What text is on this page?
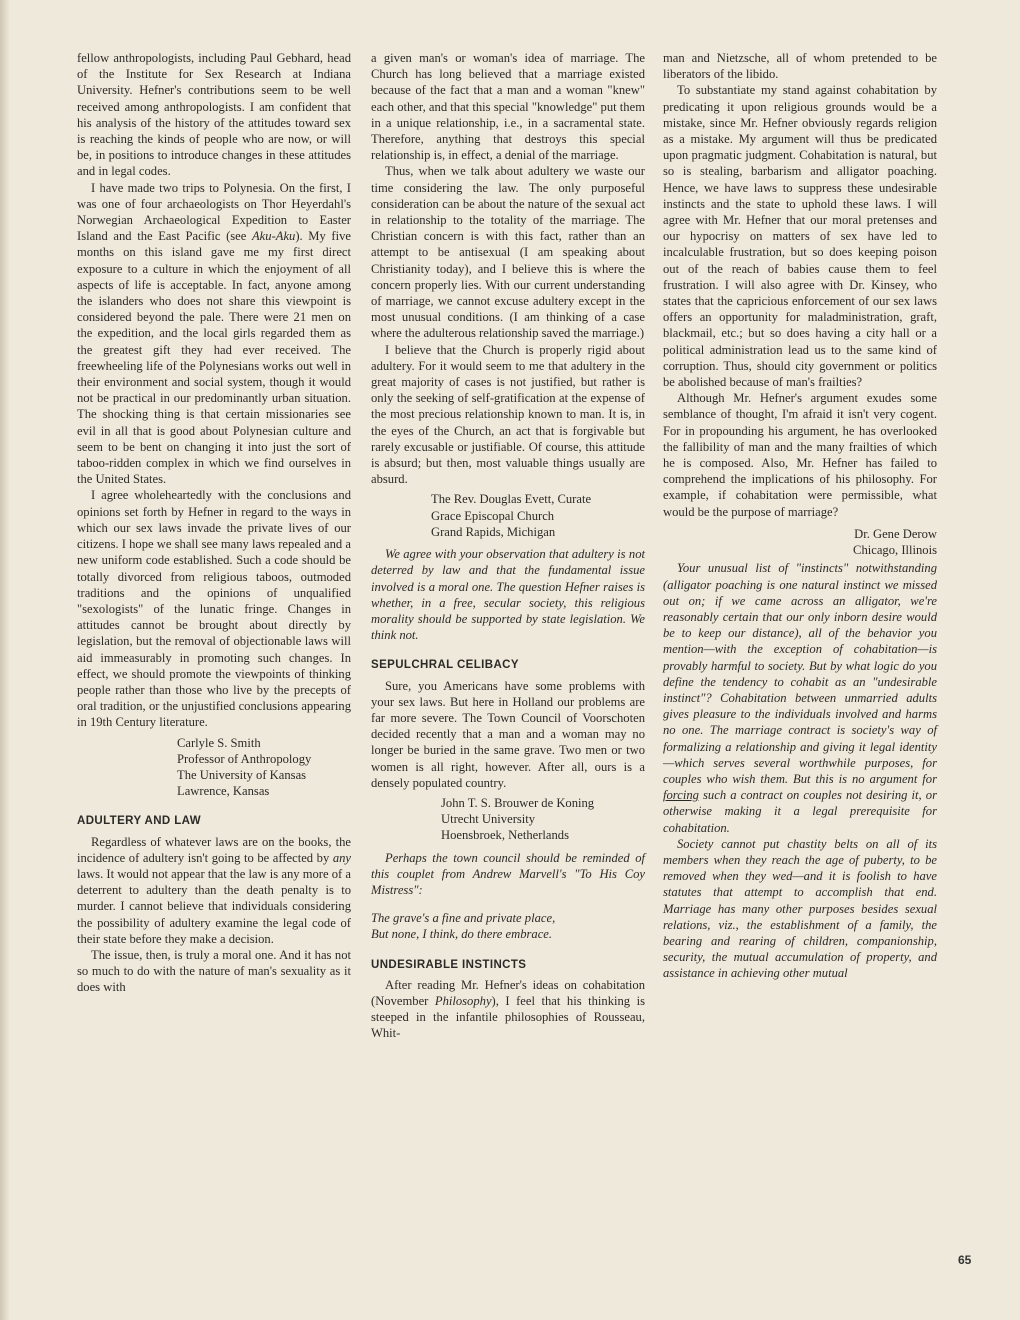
fellow anthropologists, including Paul Gebhard, head of the Institute for Sex Research at Indiana University. Hefner's contributions seem to be well received among anthropologists. I am confident that his analysis of the history of the attitudes toward sex is reaching the kinds of people who are now, or will be, in positions to introduce changes in these attitudes and in legal codes.

I have made two trips to Polynesia. On the first, I was one of four archaeologists on Thor Heyerdahl's Norwegian Archaeological Expedition to Easter Island and the East Pacific (see Aku-Aku). My five months on this island gave me my first direct exposure to a culture in which the enjoyment of all aspects of life is acceptable. In fact, anyone among the islanders who does not share this viewpoint is considered beyond the pale. There were 21 men on the expedition, and the local girls regarded them as the greatest gift they had ever received. The freewheeling life of the Polynesians works out well in their environment and social system, though it would not be practical in our predominantly urban situation. The shocking thing is that certain missionaries see evil in all that is good about Polynesian culture and seem to be bent on changing it into just the sort of taboo-ridden complex in which we find ourselves in the United States.

I agree wholeheartedly with the conclusions and opinions set forth by Hefner in regard to the ways in which our sex laws invade the private lives of our citizens. I hope we shall see many laws repealed and a new uniform code established. Such a code should be totally divorced from religious taboos, outmoded traditions and the opinions of unqualified "sexologists" of the lunatic fringe. Changes in attitudes cannot be brought about directly by legislation, but the removal of objectionable laws will aid immeasurably in promoting such changes. In effect, we should promote the viewpoints of thinking people rather than those who live by the precepts of oral tradition, or the unjustified conclusions appearing in 19th Century literature.

Carlyle S. Smith
Professor of Anthropology
The University of Kansas
Lawrence, Kansas
ADULTERY AND LAW

Regardless of whatever laws are on the books, the incidence of adultery isn't going to be affected by any laws. It would not appear that the law is any more of a deterrent to adultery than the death penalty is to murder. I cannot believe that individuals considering the possibility of adultery examine the legal code of their state before they make a decision.

The issue, then, is truly a moral one. And it has not so much to do with the nature of man's sexuality as it does with

a given man's or woman's idea of marriage. The Church has long believed that a marriage existed because of the fact that a man and a woman "knew" each other, and that this special "knowledge" put them in a unique relationship, i.e., in a sacramental state. Therefore, anything that destroys this special relationship is, in effect, a denial of the marriage.

Thus, when we talk about adultery we waste our time considering the law. The only purposeful consideration can be about the nature of the sexual act in relationship to the totality of the marriage. The Christian concern is with this fact, rather than an attempt to be antisexual (I am speaking about Christianity today), and I believe this is where the concern properly lies. With our current understanding of marriage, we cannot excuse adultery except in the most unusual conditions. (I am thinking of a case where the adulterous relationship saved the marriage.)

I believe that the Church is properly rigid about adultery. For it would seem to me that adultery in the great majority of cases is not justified, but rather is only the seeking of self-gratification at the expense of the most precious relationship known to man. It is, in the eyes of the Church, an act that is forgivable but rarely excusable or justifiable. Of course, this attitude is absurd; but then, most valuable things usually are absurd.

The Rev. Douglas Evett, Curate
Grace Episcopal Church
Grand Rapids, Michigan

We agree with your observation that adultery is not deterred by law and that the fundamental issue involved is a moral one. The question Hefner raises is whether, in a free, secular society, this religious morality should be supported by state legislation. We think not.

SEPULCHRAL CELIBACY

Sure, you Americans have some problems with your sex laws. But here in Holland our problems are far more severe. The Town Council of Voorschoten decided recently that a man and a woman may no longer be buried in the same grave. Two men or two women is all right, however. After all, ours is a densely populated country.

John T. S. Brouwer de Koning
Utrecht University
Hoensbroek, Netherlands

Perhaps the town council should be reminded of this couplet from Andrew Marvell's "To His Coy Mistress":

The grave's a fine and private place,
But none, I think, do there embrace.
UNDESIRABLE INSTINCTS

After reading Mr. Hefner's ideas on cohabitation (November Philosophy), I feel that his thinking is steeped in the infantile philosophies of Rousseau, Whit-

man and Nietzsche, all of whom pretended to be liberators of the libido.

To substantiate my stand against cohabitation by predicating it upon religious grounds would be a mistake, since Mr. Hefner obviously regards religion as a mistake. My argument will thus be predicated upon pragmatic judgment. Cohabitation is natural, but so is stealing, barbarism and alligator poaching. Hence, we have laws to suppress these undesirable instincts and the state to uphold these laws. I will agree with Mr. Hefner that our moral pretenses and our hypocrisy on matters of sex have led to incalculable frustration, but so does keeping poison out of the reach of babies cause them to feel frustration. I will also agree with Dr. Kinsey, who states that the capricious enforcement of our sex laws offers an opportunity for maladministration, graft, blackmail, etc.; but so does having a city hall or a political administration lead us to the same kind of corruption. Thus, should city government or politics be abolished because of man's frailties?

Although Mr. Hefner's argument exudes some semblance of thought, I'm afraid it isn't very cogent. For in propounding his argument, he has overlooked the fallibility of man and the many frailties of which he is composed. Also, Mr. Hefner has failed to comprehend the implications of his philosophy. For example, if cohabitation were permissible, what would be the purpose of marriage?

Dr. Gene Derow
Chicago, Illinois

Your unusual list of "instincts" notwithstanding (alligator poaching is one natural instinct we missed out on; if we came across an alligator, we're reasonably certain that our only inborn desire would be to keep our distance), all of the behavior you mention—with the exception of cohabitation—is provably harmful to society. But by what logic do you define the tendency to cohabit as an "undesirable instinct"? Cohabitation between unmarried adults gives pleasure to the individuals involved and harms no one. The marriage contract is society's way of formalizing a relationship and giving it legal identity—which serves several worthwhile purposes, for couples who wish them. But this is no argument for forcing such a contract on couples not desiring it, or otherwise making it a legal prerequisite for cohabitation.

Society cannot put chastity belts on all of its members when they reach the age of puberty, to be removed when they wed—and it is foolish to have statutes that attempt to accomplish that end. Marriage has many other purposes besides sexual relations, viz., the establishment of a family, the bearing and rearing of children, companionship, security, the mutual accumulation of property, and assistance in achieving other mutual

65
